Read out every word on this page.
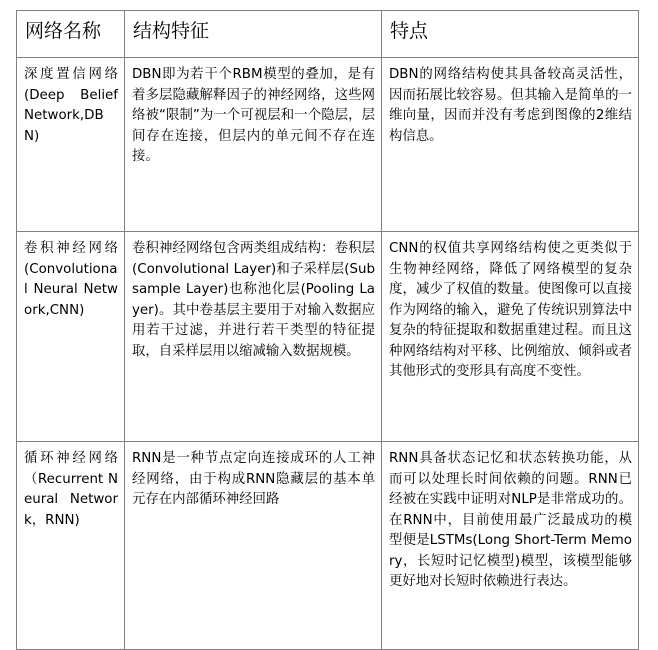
网络名称	结构特征	特点
深度置信网络(Deep Belief Network,DBN)	DBN即为若干个RBM模型的叠加，是有着多层隐藏解释因子的神经网络，这些网络被“限制”为一个可视层和一个隐层，层间存在连接，但层内的单元间不存在连接。	DBN的网络结构使其具备较高灵活性，因而拓展比较容易。但其输入是简单的一维向量，因而并没有考虑到图像的2维结构信息。
卷积神经网络(Convolutional Neural Network,CNN)	卷积神经网络包含两类组成结构：卷积层(Convolutional Layer)和子采样层(Subsample Layer)也称池化层(Pooling Layer)。其中卷基层主要用于对输入数据应用若干过滤，并进行若干类型的特征提取，自采样层用以缩减输入数据规模。	CNN的权值共享网络结构使之更类似于生物神经网络，降低了网络模型的复杂度，减少了权值的数量。使图像可以直接作为网络的输入，避免了传统识别算法中复杂的特征提取和数据重建过程。而且这种网络结构对平移、比例缩放、倾斜或者其他形式的变形具有高度不变性。
循环神经网络（Recurrent Neural Network，RNN)	RNN是一种节点定向连接成环的人工神经网络，由于构成RNN隐藏层的基本单元存在内部循环神经回路	RNN具备状态记忆和状态转换功能，从而可以处理长时间依赖的问题。RNN已经被在实践中证明对NLP是非常成功的。在RNN中，目前使用最广泛最成功的模型便是LSTMs(Long Short-Term Memory，长短时记忆模型)模型，该模型能够更好地对长短时依赖进行表达。
